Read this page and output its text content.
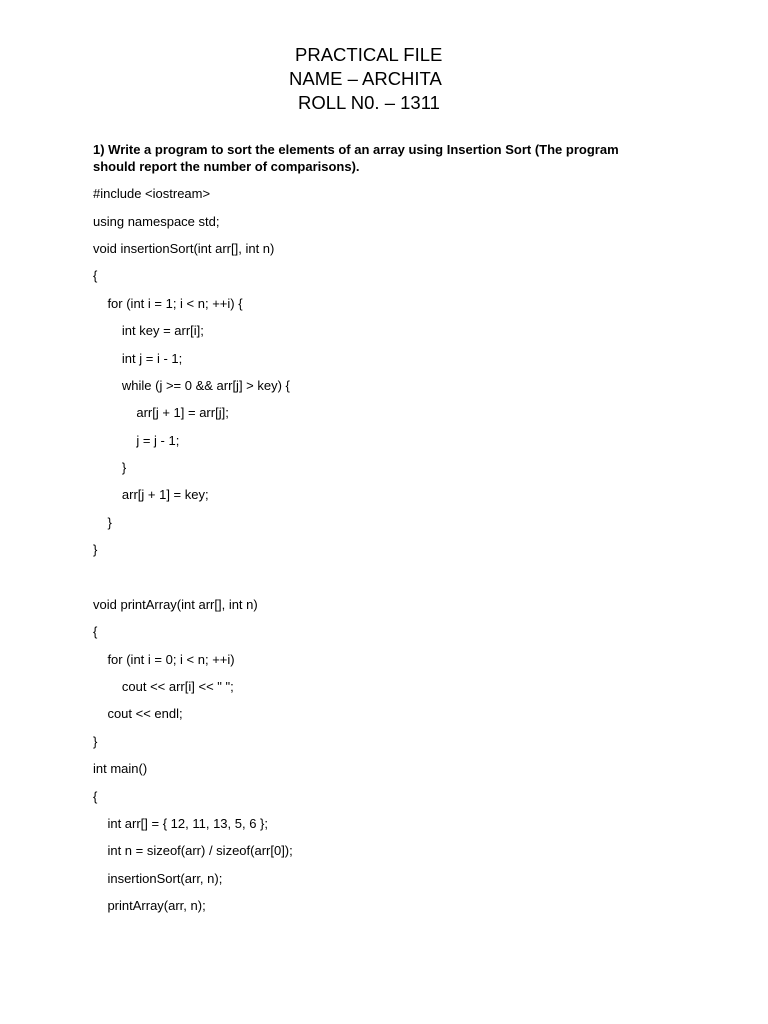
PRACTICAL FILE
NAME – ARCHITA
ROLL N0. – 1311
1) Write a program to sort the elements of an array using Insertion Sort (The program should report the number of comparisons).
#include <iostream>
using namespace std;
void insertionSort(int arr[], int n)
{
for (int i = 1; i < n; ++i) {
int key = arr[i];
int j = i - 1;
while (j >= 0 && arr[j] > key) {
arr[j + 1] = arr[j];
j = j - 1;
}
arr[j + 1] = key;
}
}
void printArray(int arr[], int n)
{
for (int i = 0; i < n; ++i)
cout << arr[i] << " ";
cout << endl;
}
int main()
{
int arr[] = { 12, 11, 13, 5, 6 };
int n = sizeof(arr) / sizeof(arr[0]);
insertionSort(arr, n);
printArray(arr, n);
